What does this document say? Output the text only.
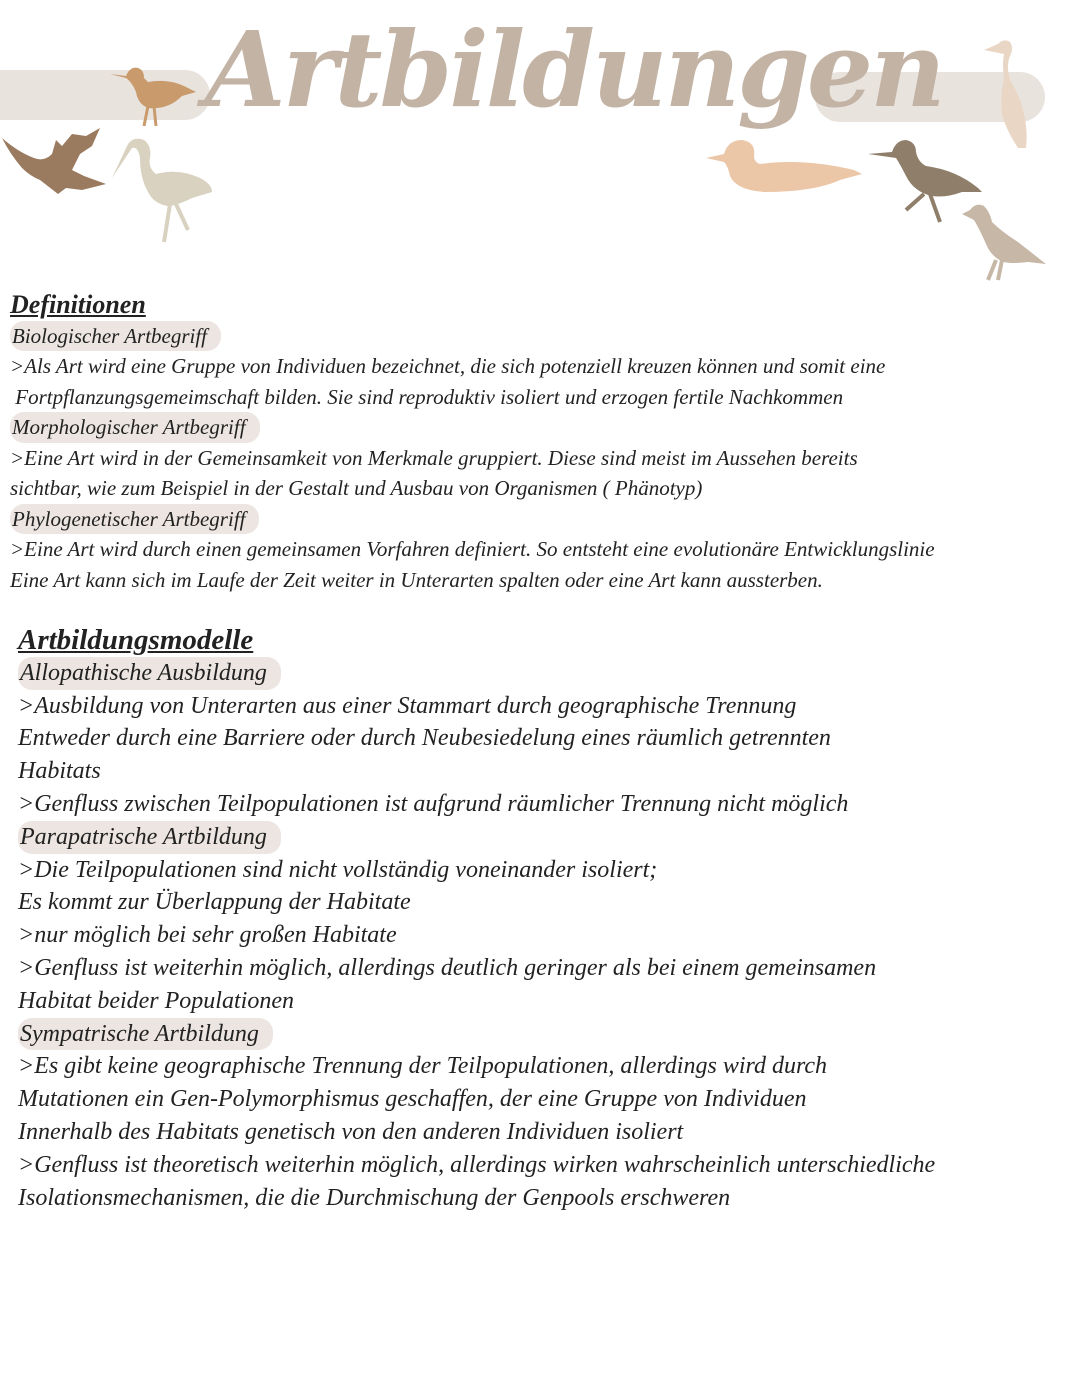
Artbildungen
Definitionen
Biologischer Artbegriff
>Als Art wird eine Gruppe von Individuen bezeichnet, die sich potenziell kreuzen können und somit eine
Fortpflanzungsgemeimschaft bilden. Sie sind reproduktiv isoliert und erzogen fertile Nachkommen
Morphologischer Artbegriff
>Eine Art wird in der Gemeinsamkeit von Merkmale gruppiert. Diese sind meist im Aussehen bereits
sichtbar, wie zum Beispiel in der Gestalt und Ausbau von Organismen ( Phänotyp)
Phylogenetischer Artbegriff
>Eine Art wird durch einen gemeinsamen Vorfahren definiert. So entsteht eine evolutionäre Entwicklungslinie
Eine Art kann sich im Laufe der Zeit weiter in Unterarten spalten oder eine Art kann aussterben.
Artbildungsmodelle
Allopathische Ausbildung
>Ausbildung von Unterarten aus einer Stammart durch geographische Trennung
Entweder durch eine Barriere oder durch Neubesiedelung eines räumlich getrennten
Habitats
>Genfluss zwischen Teilpopulationen ist aufgrund räumlicher Trennung nicht möglich
Parapatrische Artbildung
>Die Teilpopulationen sind nicht vollständig voneinander isoliert;
Es kommt zur Überlappung der Habitate
>nur möglich bei sehr großen Habitate
>Genfluss ist weiterhin möglich, allerdings deutlich geringer als bei einem gemeinsamen
Habitat beider Populationen
Sympatrische Artbildung
>Es gibt keine geographische Trennung der Teilpopulationen, allerdings wird durch
Mutationen ein Gen-Polymorphismus geschaffen, der eine Gruppe von Individuen
Innerhalb des Habitats genetisch von den anderen Individuen isoliert
>Genfluss ist theoretisch weiterhin möglich, allerdings wirken wahrscheinlich unterschiedliche
Isolationsmechanismen, die die Durchmischung der Genpools erschweren
